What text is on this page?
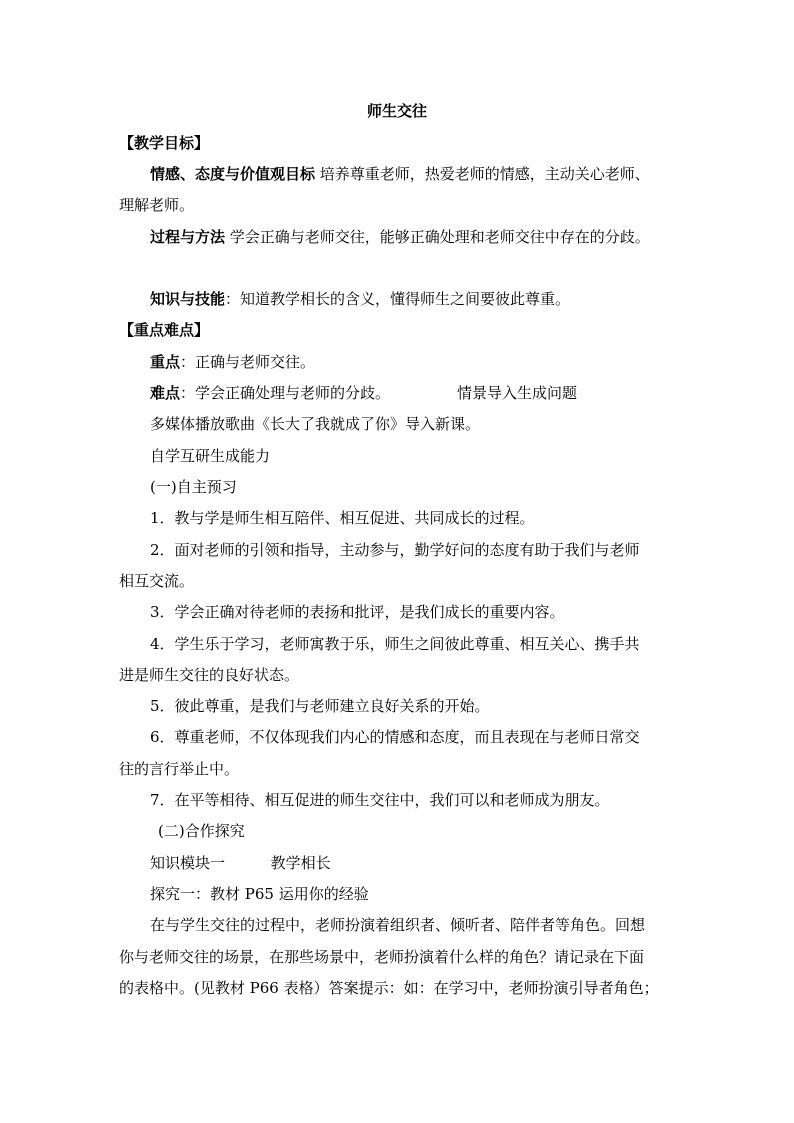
师生交往
【教学目标】
情感、态度与价值观目标 培养尊重老师，热爱老师的情感，主动关心老师、
理解老师。
过程与方法 学会正确与老师交往，能够正确处理和老师交往中存在的分歧。
知识与技能：知道教学相长的含义，懂得师生之间要彼此尊重。
【重点难点】
重点：正确与老师交往。
难点：学会正确处理与老师的分歧。	情景导入生成问题
多媒体播放歌曲《长大了我就成了你》导入新课。
自学互研生成能力
(一)自主预习
1．教与学是师生相互陪伴、相互促进、共同成长的过程。
2．面对老师的引领和指导，主动参与，勤学好问的态度有助于我们与老师
相互交流。
3．学会正确对待老师的表扬和批评，是我们成长的重要内容。
4．学生乐于学习，老师寓教于乐，师生之间彼此尊重、相互关心、携手共
进是师生交往的良好状态。
5．彼此尊重，是我们与老师建立良好关系的开始。
6．尊重老师，不仅体现我们内心的情感和态度，而且表现在与老师日常交
往的言行举止中。
7．在平等相待、相互促进的师生交往中，我们可以和老师成为朋友。
(二)合作探究
知识模块一	教学相长
探究一：教材 P65 运用你的经验
在与学生交往的过程中，老师扮演着组织者、倾听者、陪伴者等角色。回想
你与老师交往的场景，在那些场景中，老师扮演着什么样的角色？请记录在下面
的表格中。(见教材 P66 表格）答案提示：如：在学习中，老师扮演引导者角色；
